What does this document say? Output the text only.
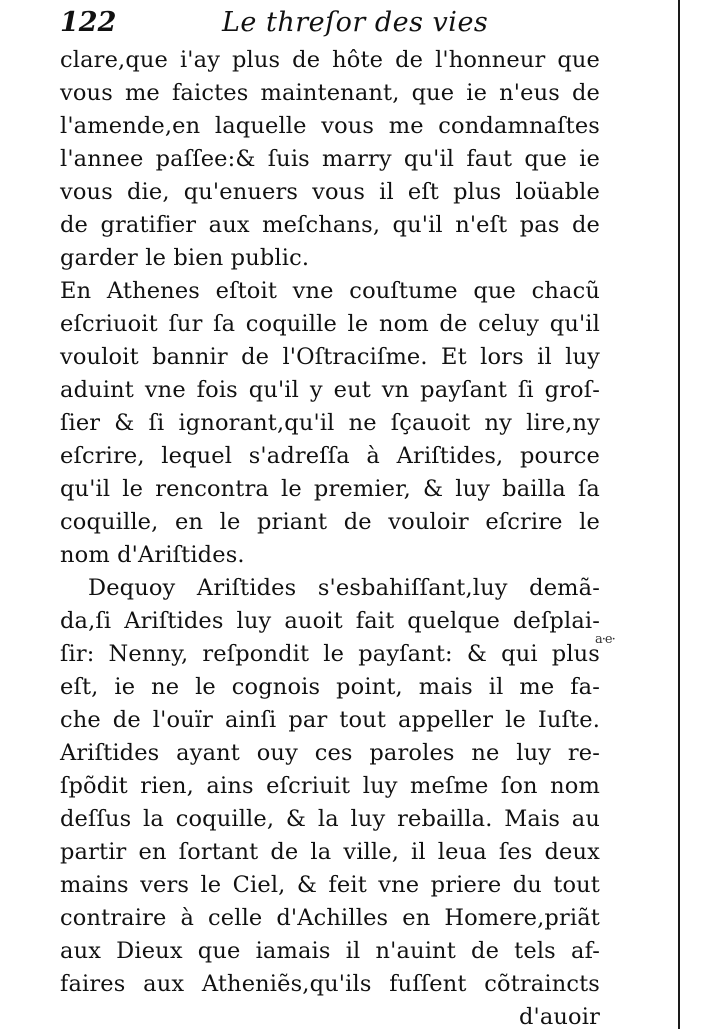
122	Le threſor des vies
clare,que i'ay plus de hôte de l'honneur que
vous me faictes maintenant, que ie n'eus de
l'amende,en laquelle vous me condamnaſtes
l'annee paſſee:& ſuis marry qu'il faut que ie
vous die, qu'enuers vous il eſt plus loüable
de gratifier aux meſchans, qu'il n'eſt pas de
garder le bien public.
En Athenes eſtoit vne couſtume que chacũ
eſcriuoit ſur ſa coquille le nom de celuy qu'il
vouloit bannir de l'Oſtraciſme. Et lors il luy
aduint vne fois qu'il y eut vn payſant ſi groſ-
ſier & ſi ignorant,qu'il ne ſçauoit ny lire,ny
eſcrire, lequel s'adreſſa à Ariſtides, pource
qu'il le rencontra le premier, & luy bailla ſa
coquille, en le priant de vouloir eſcrire le
nom d'Ariſtides.
Dequoy Ariſtides s'esbahiſſant,luy demã-
da,ſi Ariſtides luy auoit fait quelque deſplai-
ſir: Nenny, reſpondit le payſant: & qui plus
eſt, ie ne le cognois point, mais il me fa-
che de l'ouïr ainſi par tout appeller le Iuſte.
Ariſtides ayant ouy ces paroles ne luy re-
ſpõdit rien, ains eſcriuit luy meſme ſon nom
deſſus la coquille, & la luy rebailla. Mais au
partir en ſortant de la ville, il leua ſes deux
mains vers le Ciel, & feit vne priere du tout
contraire à celle d'Achilles en Homere,priãt
aux Dieux que iamais il n'auint de tels af-
faires aux Atheniẽs,qu'ils fuſſent cõtraincts
d'auoir
a·e·
